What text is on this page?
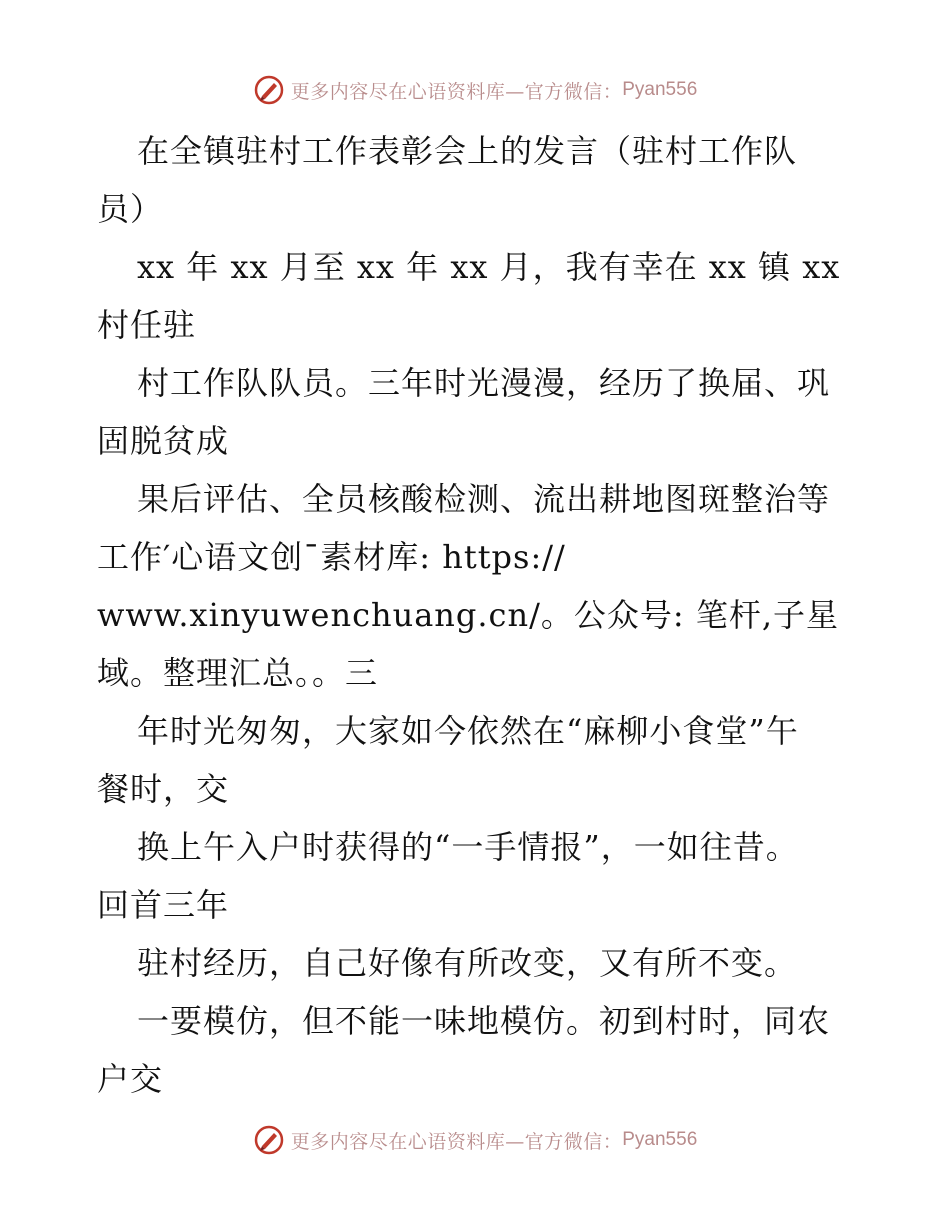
更多内容尽在心语资料库—官方微信： Pyan556
在全镇驻村工作表彰会上的发言（驻村工作队
员）
xx 年 xx 月至 xx 年 xx 月，我有幸在 xx 镇 xx
村任驻
村工作队队员。三年时光漫漫，经历了换届、巩
固脱贫成
果后评估、全员核酸检测、流出耕地图斑整治等
工作′心语文创¯素材库: https://
www.xinyuwenchuang.cn/。公众号: 笔杆,子星
域。整理汇总。。三
年时光匆匆，大家如今依然在“麻柳小食堂”午
餐时，交
换上午入户时获得的“一手情报”，一如往昔。
回首三年
驻村经历，自己好像有所改变，又有所不变。
一要模仿，但不能一味地模仿。初到村时，同农
户交
更多内容尽在心语资料库—官方微信： Pyan556
